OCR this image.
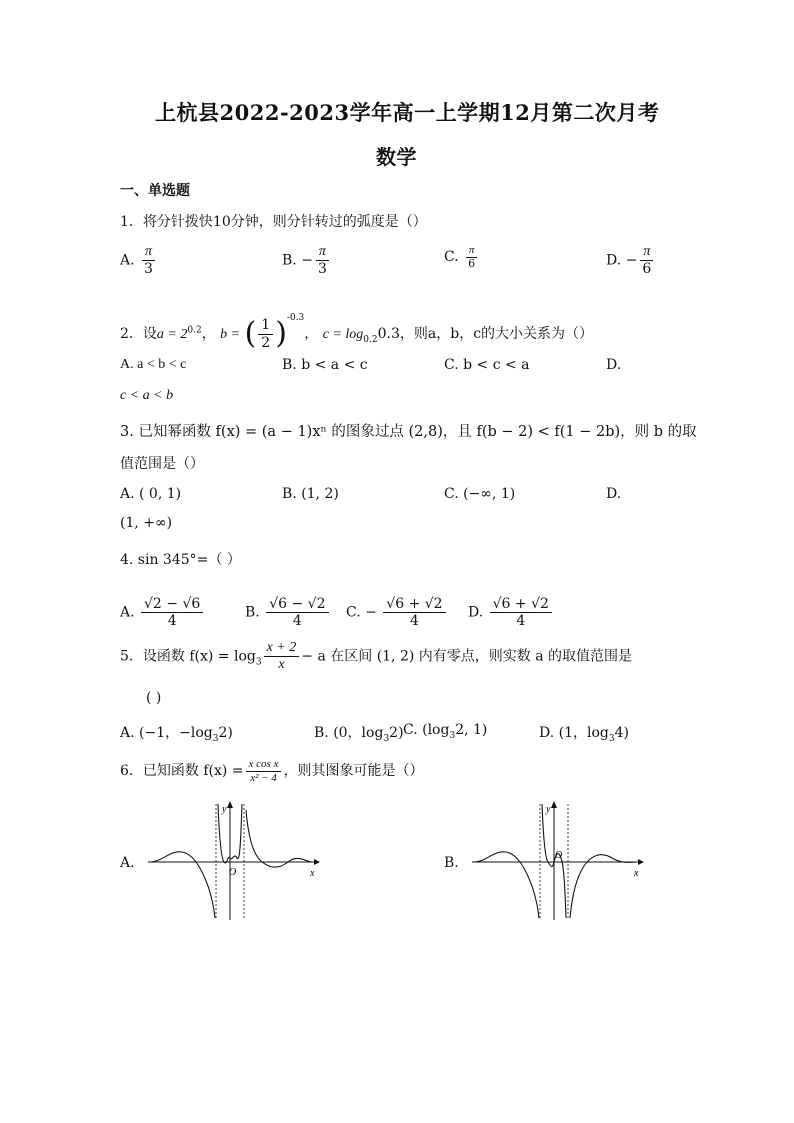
上杭县2022-2023学年高一上学期12月第二次月考
数学
一、单选题
1．将分针拨快10分钟，则分针转过的弧度是（）
A. $\frac{\pi}{3}$	B. − $\frac{\pi}{3}$	C. $\frac{\pi}{6}$	D. − $\frac{\pi}{6}$
2．设$a = 2^{0.2}$， b = ( $\frac{1}{2} )^{-0.3}$， $c = \log_{0.2}0.3$，则a，b，c的大小关系为（）
A. a < b < c	B. b < a < c	C. b < c < a	D.
c < a < b
3. 已知幂函数 f(x) = (a − 1)xⁿ 的图象过点 (2,8)，且 f(b − 2) < f(1 − 2b)，则 b 的取
值范围是（）
A. ( 0, 1)	B. (1, 2)	C. (−∞, 1)	D.
(1, +∞)
4. sin 345°=（ ）
A. $\frac{√2 - √6}{4}$	B. $\frac{√6 - √2}{4} C$. − $\frac{√6 + √2}{4} D$. $\frac{√6 + √2}{4}$
5．设函数 $f(x) = \log_3 \frac{x + 2}{x} - a$ 在区间 (1, 2) 内有零点，则实数 a 的取值范围是
( )
A. (−1，$-\log_32$)	B. (0，$\log_32$) C. ($\log_32$, 1)	D. (1，$\log_34$)
6．已知函数 $f(x) = \frac{\text{x cos x}}{\text{x² − 4}}$ ，则其图象可能是（）
A.
y
x
O
B.
y
x
O
